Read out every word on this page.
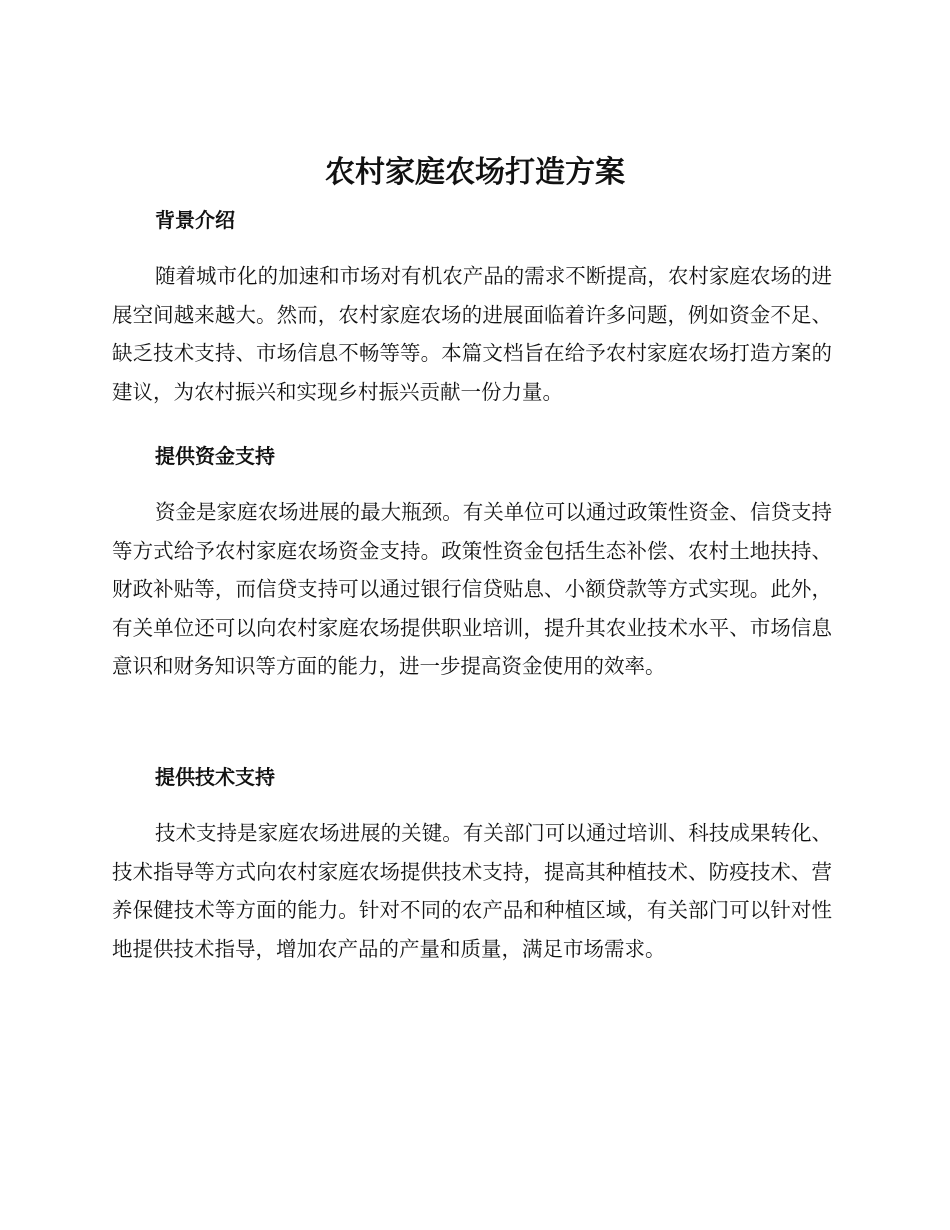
农村家庭农场打造方案
背景介绍

随着城市化的加速和市场对有机农产品的需求不断提高，农村家庭农场的进展空间越来越大。然而，农村家庭农场的进展面临着许多问题，例如资金不足、缺乏技术支持、市场信息不畅等等。本篇文档旨在给予农村家庭农场打造方案的建议，为农村振兴和实现乡村振兴贡献一份力量。

提供资金支持

资金是家庭农场进展的最大瓶颈。有关单位可以通过政策性资金、信贷支持等方式给予农村家庭农场资金支持。政策性资金包括生态补偿、农村土地扶持、财政补贴等，而信贷支持可以通过银行信贷贴息、小额贷款等方式实现。此外，有关单位还可以向农村家庭农场提供职业培训，提升其农业技术水平、市场信息意识和财务知识等方面的能力，进一步提高资金使用的效率。

提供技术支持

技术支持是家庭农场进展的关键。有关部门可以通过培训、科技成果转化、技术指导等方式向农村家庭农场提供技术支持，提高其种植技术、防疫技术、营养保健技术等方面的能力。针对不同的农产品和种植区域，有关部门可以针对性地提供技术指导，增加农产品的产量和质量，满足市场需求。
